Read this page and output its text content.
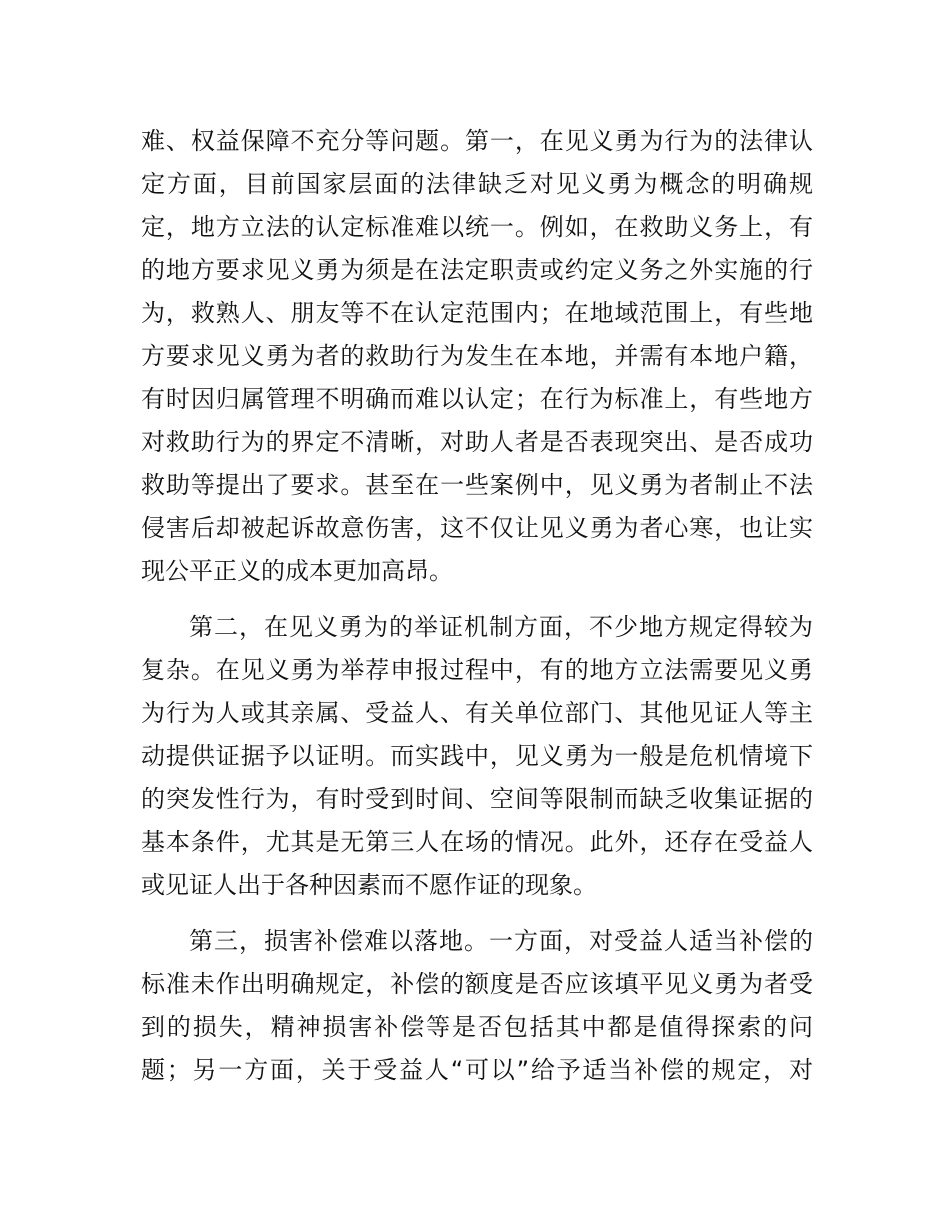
难、权益保障不充分等问题。第一，在见义勇为行为的法律认
定方面，目前国家层面的法律缺乏对见义勇为概念的明确规
定，地方立法的认定标准难以统一。例如，在救助义务上，有
的地方要求见义勇为须是在法定职责或约定义务之外实施的行
为，救熟人、朋友等不在认定范围内；在地域范围上，有些地
方要求见义勇为者的救助行为发生在本地，并需有本地户籍，
有时因归属管理不明确而难以认定；在行为标准上，有些地方
对救助行为的界定不清晰，对助人者是否表现突出、是否成功
救助等提出了要求。甚至在一些案例中，见义勇为者制止不法
侵害后却被起诉故意伤害，这不仅让见义勇为者心寒，也让实
现公平正义的成本更加高昂。
第二，在见义勇为的举证机制方面，不少地方规定得较为
复杂。在见义勇为举荐申报过程中，有的地方立法需要见义勇
为行为人或其亲属、受益人、有关单位部门、其他见证人等主
动提供证据予以证明。而实践中，见义勇为一般是危机情境下
的突发性行为，有时受到时间、空间等限制而缺乏收集证据的
基本条件，尤其是无第三人在场的情况。此外，还存在受益人
或见证人出于各种因素而不愿作证的现象。
第三，损害补偿难以落地。一方面，对受益人适当补偿的
标准未作出明确规定，补偿的额度是否应该填平见义勇为者受
到的损失，精神损害补偿等是否包括其中都是值得探索的问
题；另一方面，关于受益人“可以”给予适当补偿的规定，对
